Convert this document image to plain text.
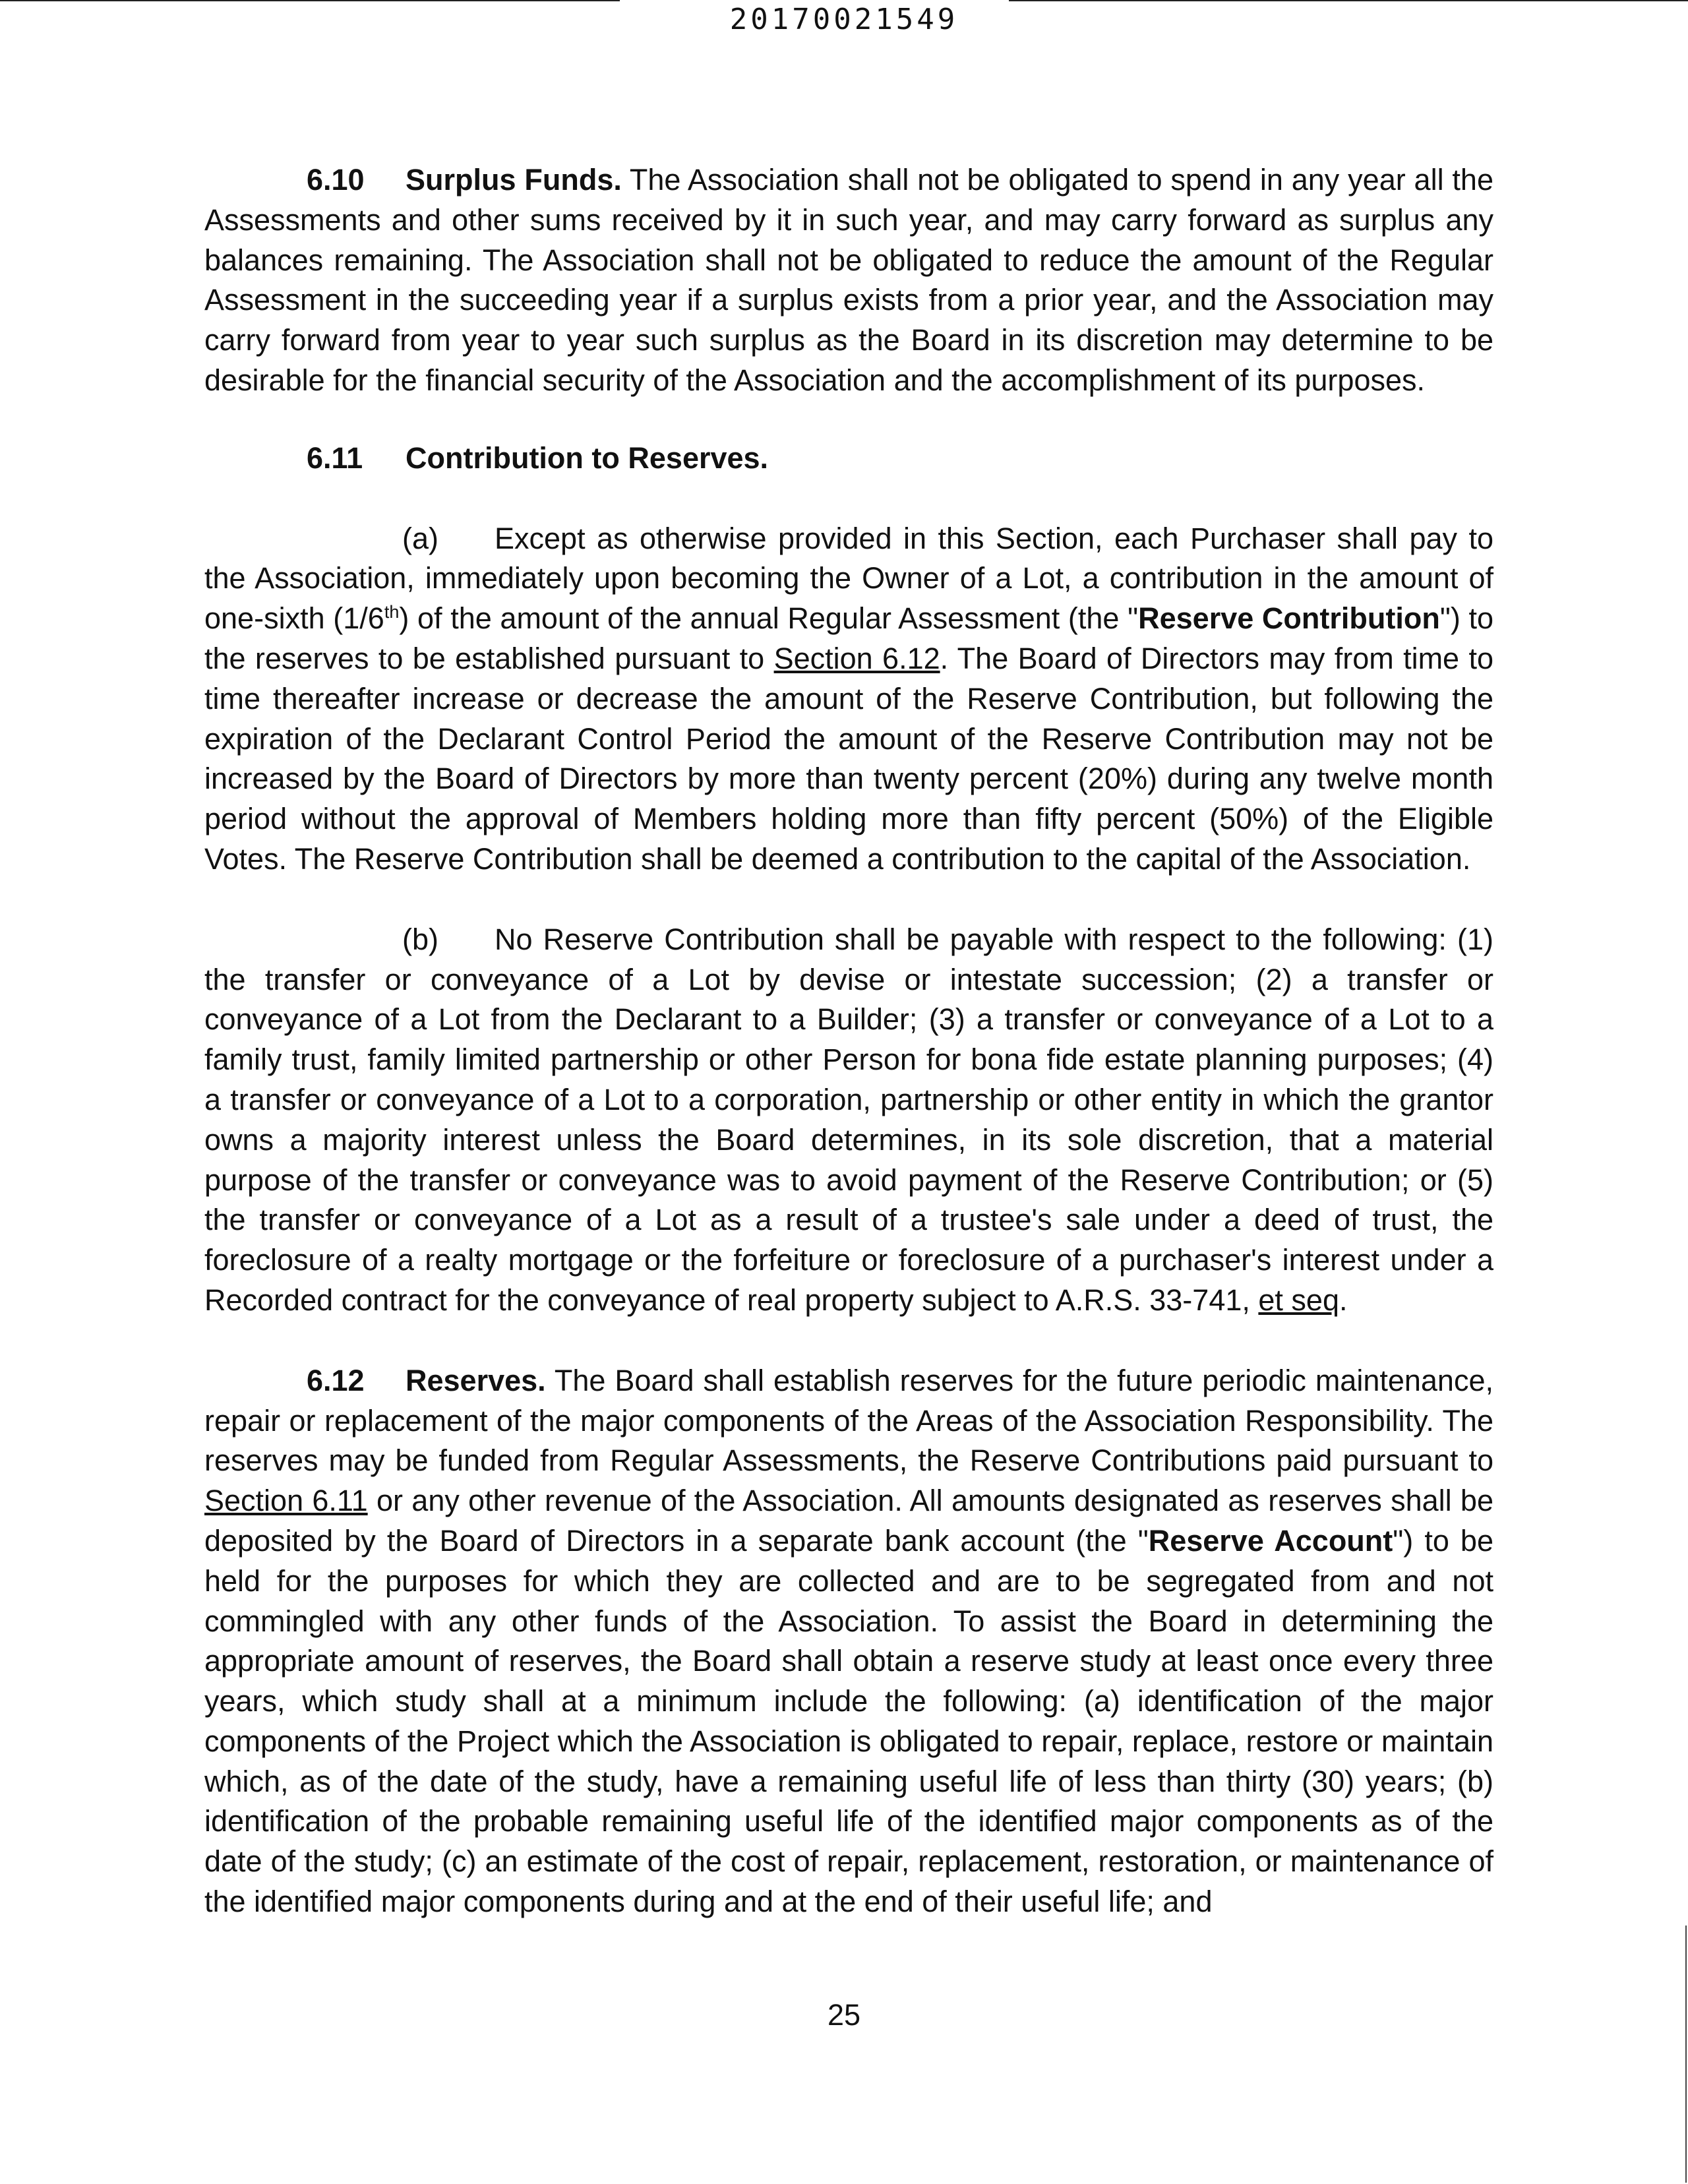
20170021549

6.10 Surplus Funds. The Association shall not be obligated to spend in any year all the Assessments and other sums received by it in such year, and may carry forward as surplus any balances remaining. The Association shall not be obligated to reduce the amount of the Regular Assessment in the succeeding year if a surplus exists from a prior year, and the Association may carry forward from year to year such surplus as the Board in its discretion may determine to be desirable for the financial security of the Association and the accomplishment of its purposes.

6.11 Contribution to Reserves.

(a) Except as otherwise provided in this Section, each Purchaser shall pay to the Association, immediately upon becoming the Owner of a Lot, a contribution in the amount of one-sixth (1/6th) of the amount of the annual Regular Assessment (the "Reserve Contribution") to the reserves to be established pursuant to Section 6.12. The Board of Directors may from time to time thereafter increase or decrease the amount of the Reserve Contribution, but following the expiration of the Declarant Control Period the amount of the Reserve Contribution may not be increased by the Board of Directors by more than twenty percent (20%) during any twelve month period without the approval of Members holding more than fifty percent (50%) of the Eligible Votes. The Reserve Contribution shall be deemed a contribution to the capital of the Association.

(b) No Reserve Contribution shall be payable with respect to the following: (1) the transfer or conveyance of a Lot by devise or intestate succession; (2) a transfer or conveyance of a Lot from the Declarant to a Builder; (3) a transfer or conveyance of a Lot to a family trust, family limited partnership or other Person for bona fide estate planning purposes; (4) a transfer or conveyance of a Lot to a corporation, partnership or other entity in which the grantor owns a majority interest unless the Board determines, in its sole discretion, that a material purpose of the transfer or conveyance was to avoid payment of the Reserve Contribution; or (5) the transfer or conveyance of a Lot as a result of a trustee's sale under a deed of trust, the foreclosure of a realty mortgage or the forfeiture or foreclosure of a purchaser's interest under a Recorded contract for the conveyance of real property subject to A.R.S. 33-741, et seq.

6.12 Reserves. The Board shall establish reserves for the future periodic maintenance, repair or replacement of the major components of the Areas of the Association Responsibility. The reserves may be funded from Regular Assessments, the Reserve Contributions paid pursuant to Section 6.11 or any other revenue of the Association. All amounts designated as reserves shall be deposited by the Board of Directors in a separate bank account (the "Reserve Account") to be held for the purposes for which they are collected and are to be segregated from and not commingled with any other funds of the Association. To assist the Board in determining the appropriate amount of reserves, the Board shall obtain a reserve study at least once every three years, which study shall at a minimum include the following: (a) identification of the major components of the Project which the Association is obligated to repair, replace, restore or maintain which, as of the date of the study, have a remaining useful life of less than thirty (30) years; (b) identification of the probable remaining useful life of the identified major components as of the date of the study; (c) an estimate of the cost of repair, replacement, restoration, or maintenance of the identified major components during and at the end of their useful life; and

25
